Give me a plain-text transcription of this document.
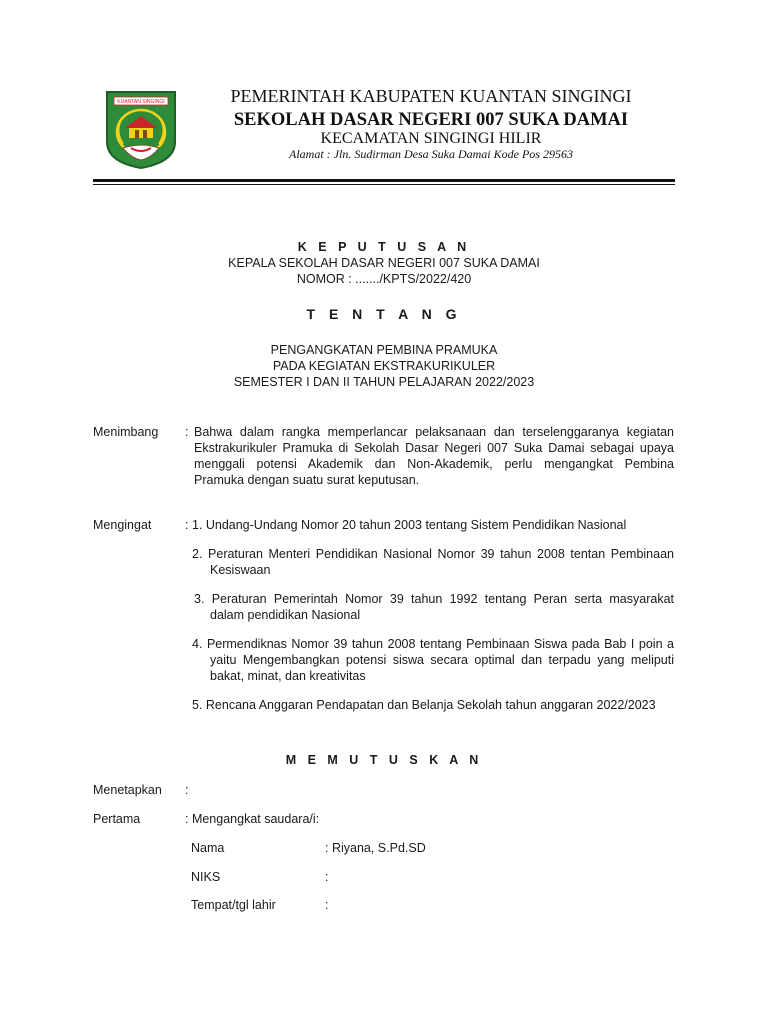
KUANTAN SINGINGI	PEMERINTAH KABUPATEN KUANTAN SINGINGI
SEKOLAH DASAR NEGERI 007 SUKA DAMAI
KECAMATAN SINGINGI HILIR
Alamat : Jln. Sudirman Desa Suka Damai Kode Pos 29563
K E P U T U S A N
KEPALA SEKOLAH DASAR NEGERI 007 SUKA DAMAI
NOMOR : ......./KPTS/2022/420
T E N T A N G
PENGANGKATAN PEMBINA PRAMUKA
PADA KEGIATAN EKSTRAKURIKULER
SEMESTER I DAN II TAHUN PELAJARAN 2022/2023
Menimbang : Bahwa dalam rangka memperlancar pelaksanaan dan terselenggaranya kegiatan
Ekstrakurikuler Pramuka di Sekolah Dasar Negeri 007 Suka Damai sebagai upaya
menggali potensi Akademik dan Non-Akademik, perlu mengangkat Pembina
Pramuka dengan suatu surat keputusan.
Mengingat	: 1. Undang-Undang Nomor 20 tahun 2003 tentang Sistem Pendidikan Nasional
2. Peraturan Menteri Pendidikan Nasional Nomor 39 tahun 2008 tentan Pembinaan
Kesiswaan
3. Peraturan Pemerintah Nomor 39 tahun 1992 tentang Peran serta masyarakat
dalam pendidikan Nasional
4. Permendiknas Nomor 39 tahun 2008 tentang Pembinaan Siswa pada Bab I poin a
yaitu Mengembangkan potensi siswa secara optimal dan terpadu yang meliputi
bakat, minat, dan kreativitas
5. Rencana Anggaran Pendapatan dan Belanja Sekolah tahun anggaran 2022/2023
M E M U T U S K A N
Menetapkan :
Pertama	: Mengangkat saudara/i:
Nama	: Riyana, S.Pd.SD
NIKS	:
Tempat/tgl lahir	:
